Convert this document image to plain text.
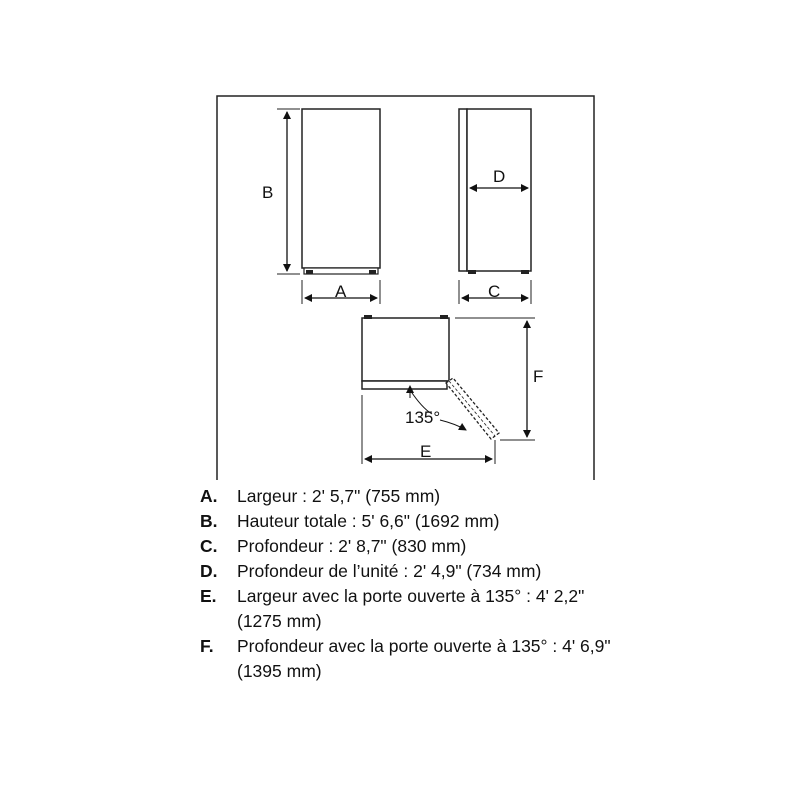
B
A
D
C
135°
E
F
A.	Largeur : 2' 5,7" (755 mm)
B.	Hauteur totale : 5' 6,6" (1692 mm)
C.	Profondeur : 2' 8,7" (830 mm)
D.	Profondeur de l’unité : 2' 4,9" (734 mm)
E.	Largeur avec la porte ouverte à 135° : 4' 2,2" (1275 mm)
F.	Profondeur avec la porte ouverte à 135° : 4' 6,9" (1395 mm)
